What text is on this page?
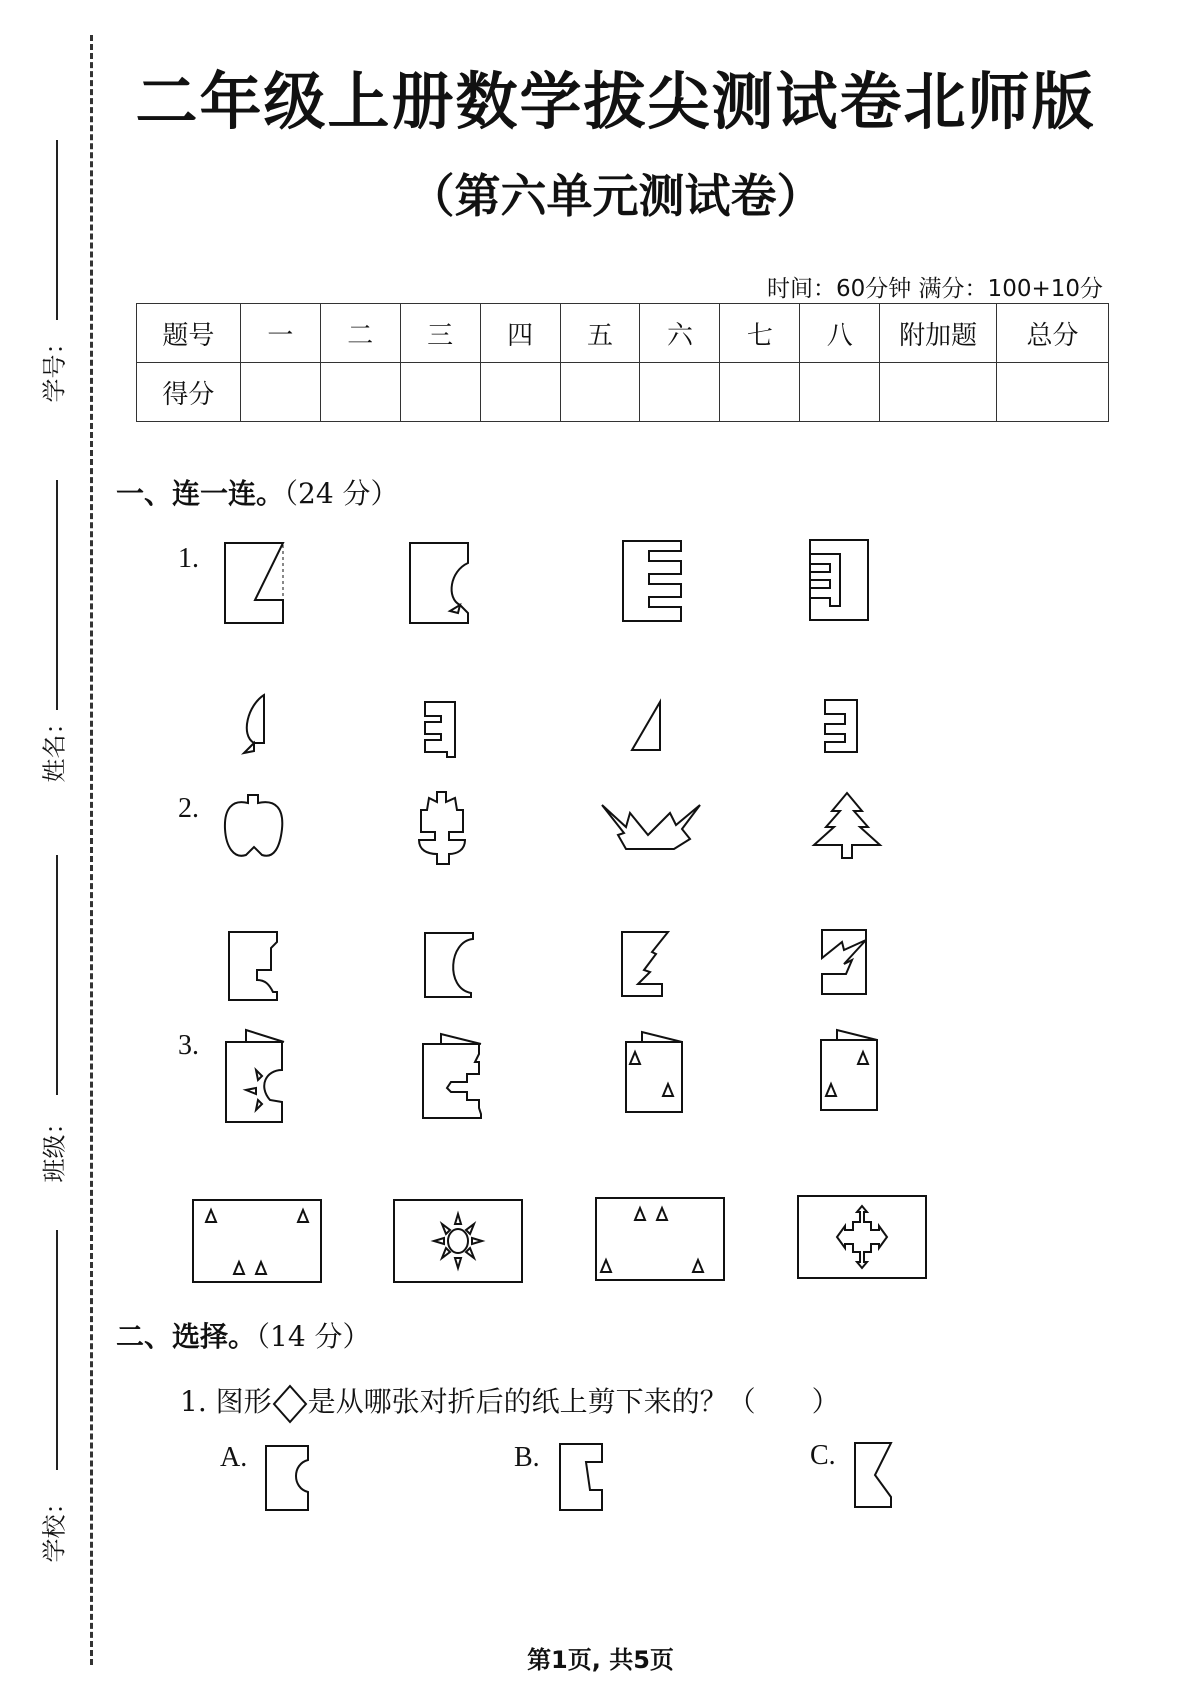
学号：
姓名：
班级：
学校：
二年级上册数学拔尖测试卷北师版
（第六单元测试卷）
时间：60分钟 满分：100+10分
题号	一	二	三	四	五	六	七	八	附加题	总分
得分										
一、连一连。（24 分）
1.
2.
3.
二、选择。（14 分）
1. 图形 是从哪张对折后的纸上剪下来的？（　　）
A.	B.	C.
第1页, 共5页
